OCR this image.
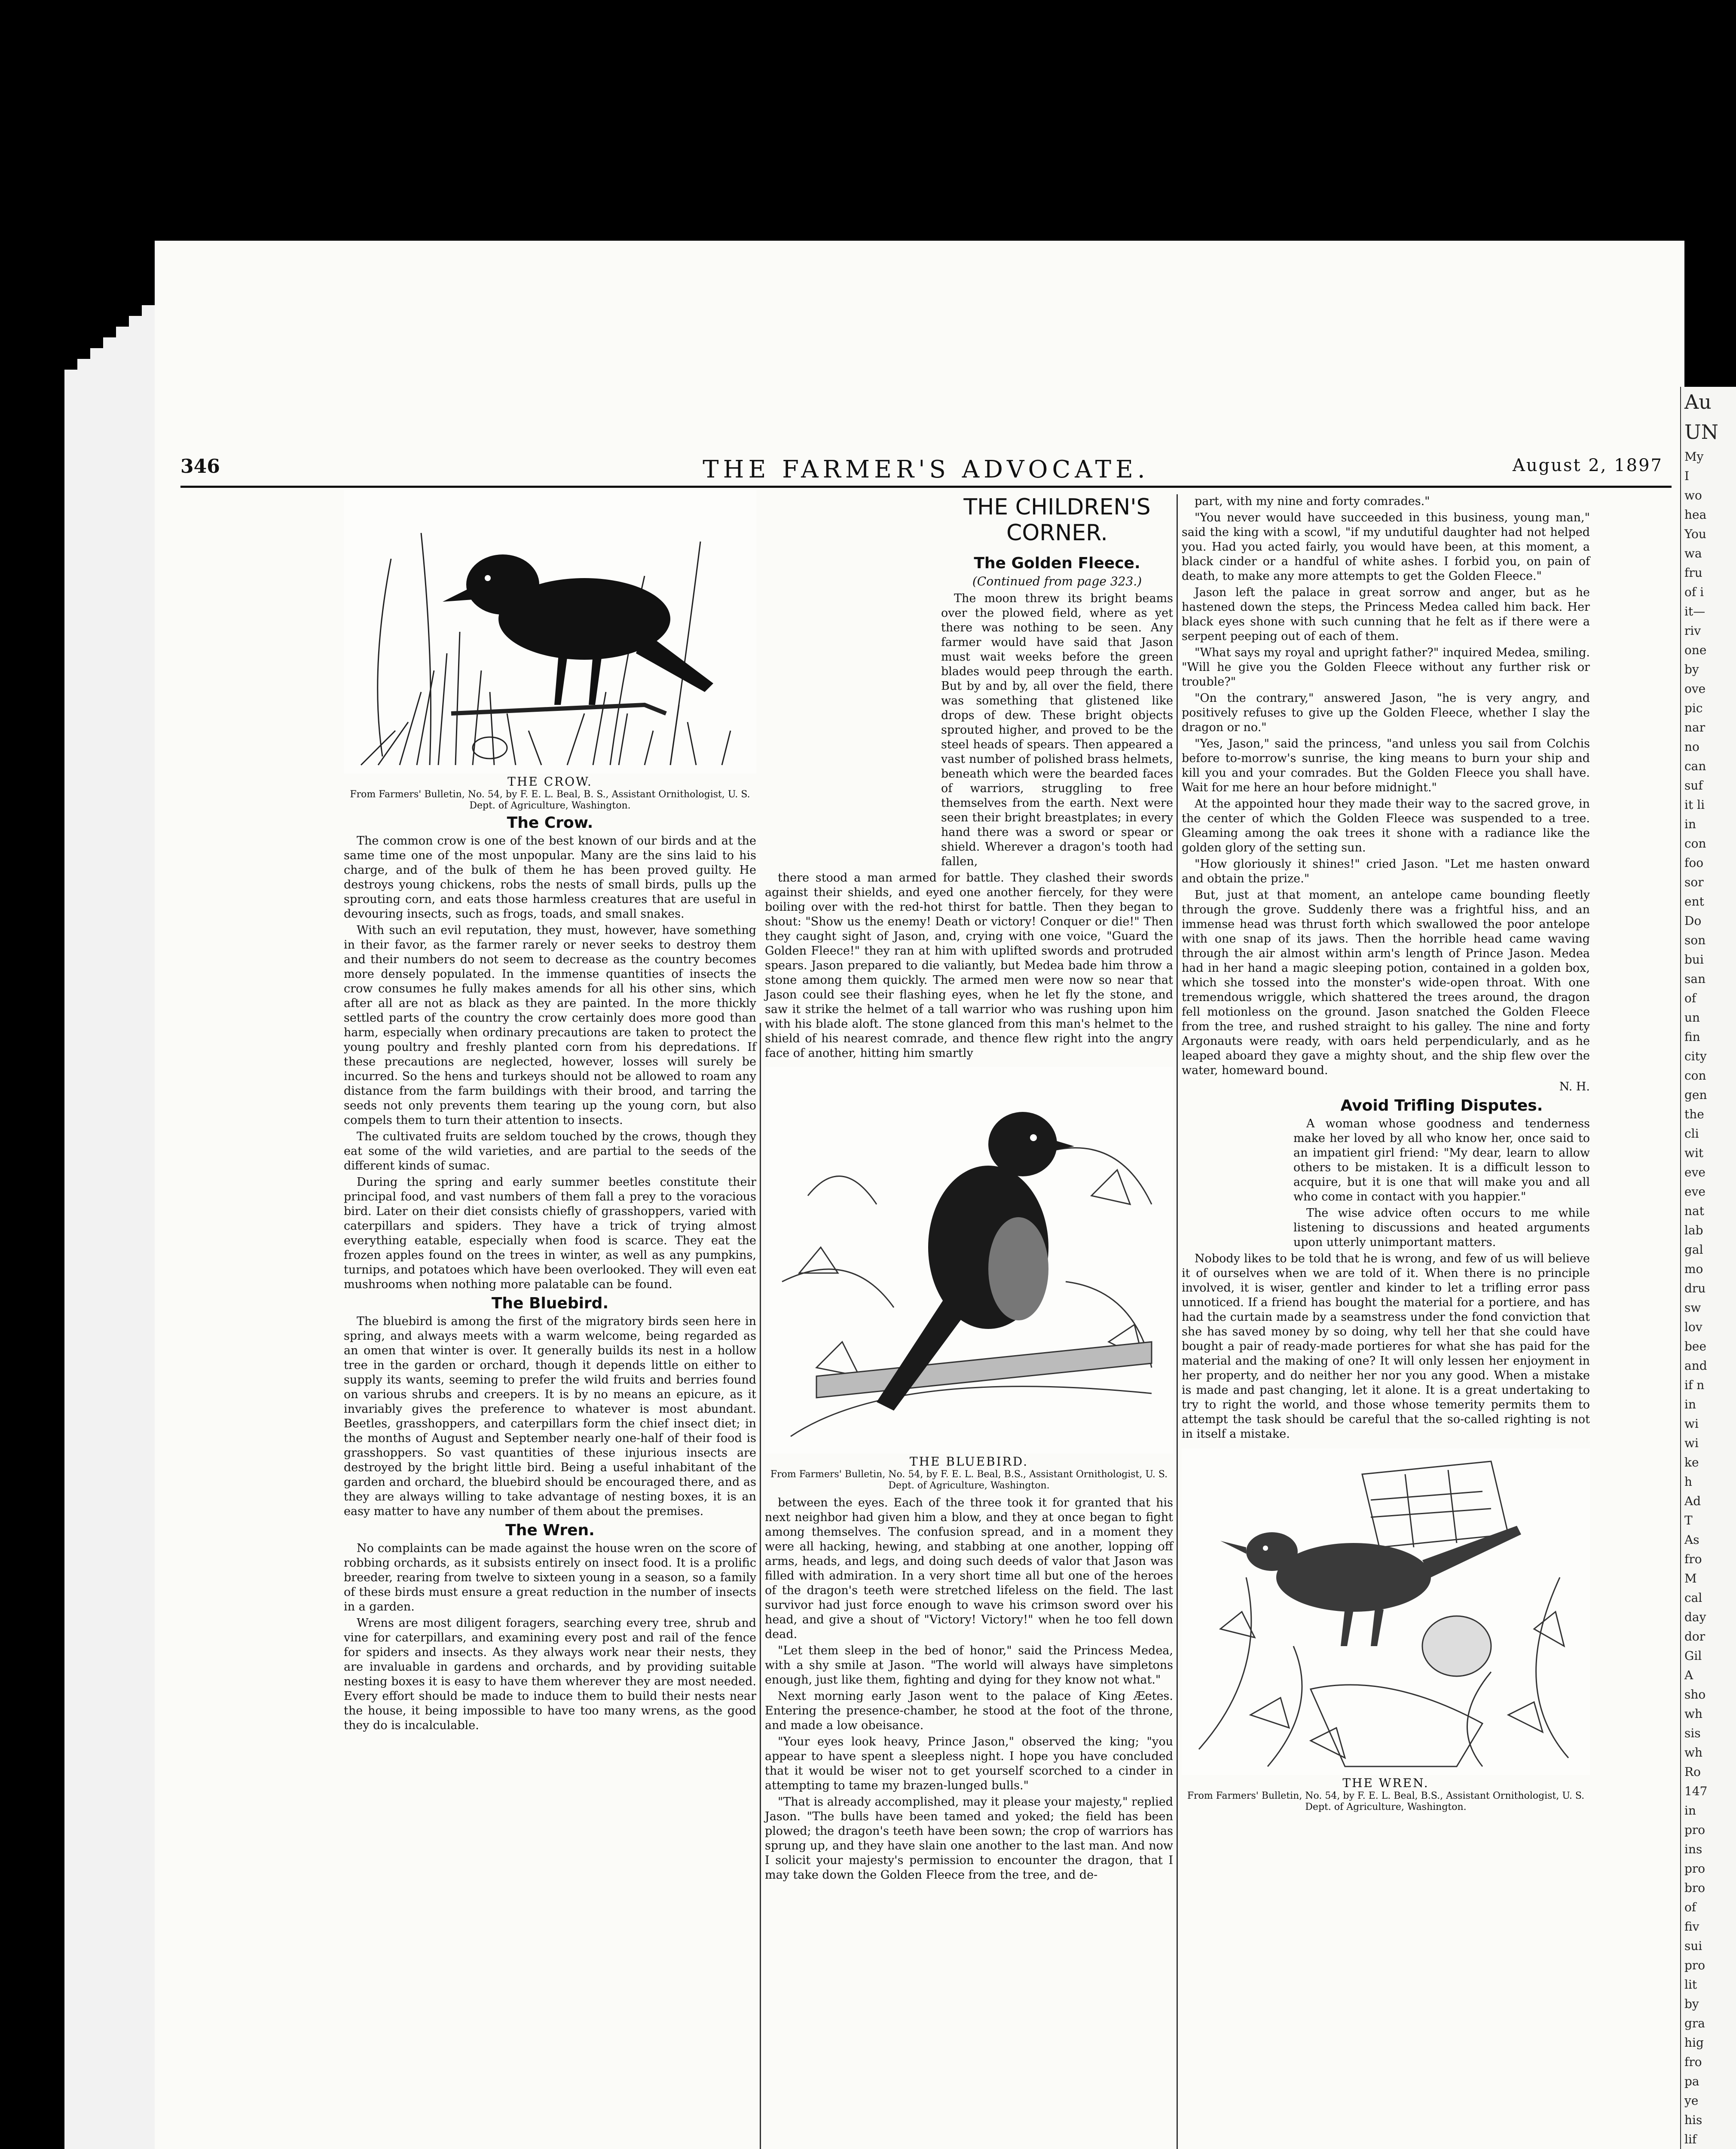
Au
UN
My
I
wo
hea
You
wa
fru
of i
it—
riv
one
by
ove
pic
nar
no
can
suf
it li
in
con
foo
sor
ent
Do
son
bui
san
of
un
fin
city
con
gen
the
cli
wit
eve
eve
nat
lab
gal
mo
dru
sw
lov
bee
and
if n
in
wi
wi
ke
h
Ad
T
As
fro
M
cal
day
dor
Gil
A
sho
wh
sis
wh
Ro
147
in
pro
ins
pro
bro
of
fiv
sui
pro
lit
by
gra
hig
fro
pa
ye
his
lif
346	THE FARMER'S ADVOCATE.	August 2, 1897
THE CROW.
From Farmers' Bulletin, No. 54, by F. E. L. Beal, B. S., Assistant Ornithologist, U. S. Dept. of Agriculture, Washington.
The Crow.

The common crow is one of the best known of our birds and at the same time one of the most unpopular. Many are the sins laid to his charge, and of the bulk of them he has been proved guilty. He destroys young chickens, robs the nests of small birds, pulls up the sprouting corn, and eats those harmless creatures that are useful in devouring insects, such as frogs, toads, and small snakes.

With such an evil reputation, they must, however, have something in their favor, as the farmer rarely or never seeks to destroy them and their numbers do not seem to decrease as the country becomes more densely populated. In the immense quantities of insects the crow consumes he fully makes amends for all his other sins, which after all are not as black as they are painted. In the more thickly settled parts of the country the crow certainly does more good than harm, especially when ordinary precautions are taken to protect the young poultry and freshly planted corn from his depredations. If these precautions are neglected, however, losses will surely be incurred. So the hens and turkeys should not be allowed to roam any distance from the farm buildings with their brood, and tarring the seeds not only prevents them tearing up the young corn, but also compels them to turn their attention to insects.

The cultivated fruits are seldom touched by the crows, though they eat some of the wild varieties, and are partial to the seeds of the different kinds of sumac.

During the spring and early summer beetles constitute their principal food, and vast numbers of them fall a prey to the voracious bird. Later on their diet consists chiefly of grasshoppers, varied with caterpillars and spiders. They have a trick of trying almost everything eatable, especially when food is scarce. They eat the frozen apples found on the trees in winter, as well as any pumpkins, turnips, and potatoes which have been overlooked. They will even eat mushrooms when nothing more palatable can be found.

The Bluebird.

The bluebird is among the first of the migratory birds seen here in spring, and always meets with a warm welcome, being regarded as an omen that winter is over. It generally builds its nest in a hollow tree in the garden or orchard, though it depends little on either to supply its wants, seeming to prefer the wild fruits and berries found on various shrubs and creepers. It is by no means an epicure, as it invariably gives the preference to whatever is most abundant. Beetles, grasshoppers, and caterpillars form the chief insect diet; in the months of August and September nearly one-half of their food is grasshoppers. So vast quantities of these injurious insects are destroyed by the bright little bird. Being a useful inhabitant of the garden and orchard, the bluebird should be encouraged there, and as they are always willing to take advantage of nesting boxes, it is an easy matter to have any number of them about the premises.

The Wren.

No complaints can be made against the house wren on the score of robbing orchards, as it subsists entirely on insect food. It is a prolific breeder, rearing from twelve to sixteen young in a season, so a family of these birds must ensure a great reduction in the number of insects in a garden.

Wrens are most diligent foragers, searching every tree, shrub and vine for caterpillars, and examining every post and rail of the fence for spiders and insects. As they always work near their nests, they are invaluable in gardens and orchards, and by providing suitable nesting boxes it is easy to have them wherever they are most needed. Every effort should be made to induce them to build their nests near the house, it being impossible to have too many wrens, as the good they do is incalculable.

THE CHILDREN'S CORNER.
The Golden Fleece.
(Continued from page 323.)

The moon threw its bright beams over the plowed field, where as yet there was nothing to be seen. Any farmer would have said that Jason must wait weeks before the green blades would peep through the earth. But by and by, all over the field, there was something that glistened like drops of dew. These bright objects sprouted higher, and proved to be the steel heads of spears. Then appeared a vast number of polished brass helmets, beneath which were the bearded faces of warriors, struggling to free themselves from the earth. Next were seen their bright breastplates; in every hand there was a sword or spear or shield. Wherever a dragon's tooth had fallen,

there stood a man armed for battle. They clashed their swords against their shields, and eyed one another fiercely, for they were boiling over with the red-hot thirst for battle. Then they began to shout: "Show us the enemy! Death or victory! Conquer or die!" Then they caught sight of Jason, and, crying with one voice, "Guard the Golden Fleece!" they ran at him with uplifted swords and protruded spears. Jason prepared to die valiantly, but Medea bade him throw a stone among them quickly. The armed men were now so near that Jason could see their flashing eyes, when he let fly the stone, and saw it strike the helmet of a tall warrior who was rushing upon him with his blade aloft. The stone glanced from this man's helmet to the shield of his nearest comrade, and thence flew right into the angry face of another, hitting him smartly

THE BLUEBIRD.
From Farmers' Bulletin, No. 54, by F. E. L. Beal, B.S., Assistant Ornithologist, U. S. Dept. of Agriculture, Washington.

between the eyes. Each of the three took it for granted that his next neighbor had given him a blow, and they at once began to fight among themselves. The confusion spread, and in a moment they were all hacking, hewing, and stabbing at one another, lopping off arms, heads, and legs, and doing such deeds of valor that Jason was filled with admiration. In a very short time all but one of the heroes of the dragon's teeth were stretched lifeless on the field. The last survivor had just force enough to wave his crimson sword over his head, and give a shout of "Victory! Victory!" when he too fell down dead.

"Let them sleep in the bed of honor," said the Princess Medea, with a shy smile at Jason. "The world will always have simpletons enough, just like them, fighting and dying for they know not what."

Next morning early Jason went to the palace of King Æetes. Entering the presence-chamber, he stood at the foot of the throne, and made a low obeisance.

"Your eyes look heavy, Prince Jason," observed the king; "you appear to have spent a sleepless night. I hope you have concluded that it would be wiser not to get yourself scorched to a cinder in attempting to tame my brazen-lunged bulls."

"That is already accomplished, may it please your majesty," replied Jason. "The bulls have been tamed and yoked; the field has been plowed; the dragon's teeth have been sown; the crop of warriors has sprung up, and they have slain one another to the last man. And now I solicit your majesty's permission to encounter the dragon, that I may take down the Golden Fleece from the tree, and de-

part, with my nine and forty comrades."

"You never would have succeeded in this business, young man," said the king with a scowl, "if my undutiful daughter had not helped you. Had you acted fairly, you would have been, at this moment, a black cinder or a handful of white ashes. I forbid you, on pain of death, to make any more attempts to get the Golden Fleece."

Jason left the palace in great sorrow and anger, but as he hastened down the steps, the Princess Medea called him back. Her black eyes shone with such cunning that he felt as if there were a serpent peeping out of each of them.

"What says my royal and upright father?" inquired Medea, smiling. "Will he give you the Golden Fleece without any further risk or trouble?"

"On the contrary," answered Jason, "he is very angry, and positively refuses to give up the Golden Fleece, whether I slay the dragon or no."

"Yes, Jason," said the princess, "and unless you sail from Colchis before to-morrow's sunrise, the king means to burn your ship and kill you and your comrades. But the Golden Fleece you shall have. Wait for me here an hour before midnight."

At the appointed hour they made their way to the sacred grove, in the center of which the Golden Fleece was suspended to a tree. Gleaming among the oak trees it shone with a radiance like the golden glory of the setting sun.

"How gloriously it shines!" cried Jason. "Let me hasten onward and obtain the prize."

But, just at that moment, an antelope came bounding fleetly through the grove. Suddenly there was a frightful hiss, and an immense head was thrust forth which swallowed the poor antelope with one snap of its jaws. Then the horrible head came waving through the air almost within arm's length of Prince Jason. Medea had in her hand a magic sleeping potion, contained in a golden box, which she tossed into the monster's wide-open throat. With one tremendous wriggle, which shattered the trees around, the dragon fell motionless on the ground. Jason snatched the Golden Fleece from the tree, and rushed straight to his galley. The nine and forty Argonauts were ready, with oars held perpendicularly, and as he leaped aboard they gave a mighty shout, and the ship flew over the water, homeward bound.

N. H.
Avoid Trifling Disputes.

A woman whose goodness and tenderness make her loved by all who know her, once said to an impatient girl friend: "My dear, learn to allow others to be mistaken. It is a difficult lesson to acquire, but it is one that will make you and all who come in contact with you happier."

The wise advice often occurs to me while listening to discussions and heated arguments upon utterly unimportant matters.

Nobody likes to be told that he is wrong, and few of us will believe it of ourselves when we are told of it. When there is no principle involved, it is wiser, gentler and kinder to let a trifling error pass unnoticed. If a friend has bought the material for a portiere, and has had the curtain made by a seamstress under the fond conviction that she has saved money by so doing, why tell her that she could have bought a pair of ready-made portieres for what she has paid for the material and the making of one? It will only lessen her enjoyment in her property, and do neither her nor you any good. When a mistake is made and past changing, let it alone. It is a great undertaking to try to right the world, and those whose temerity permits them to attempt the task should be careful that the so-called righting is not in itself a mistake.

THE WREN.
From Farmers' Bulletin, No. 54, by F. E. L. Beal, B.S., Assistant Ornithologist, U. S. Dept. of Agriculture, Washington.
